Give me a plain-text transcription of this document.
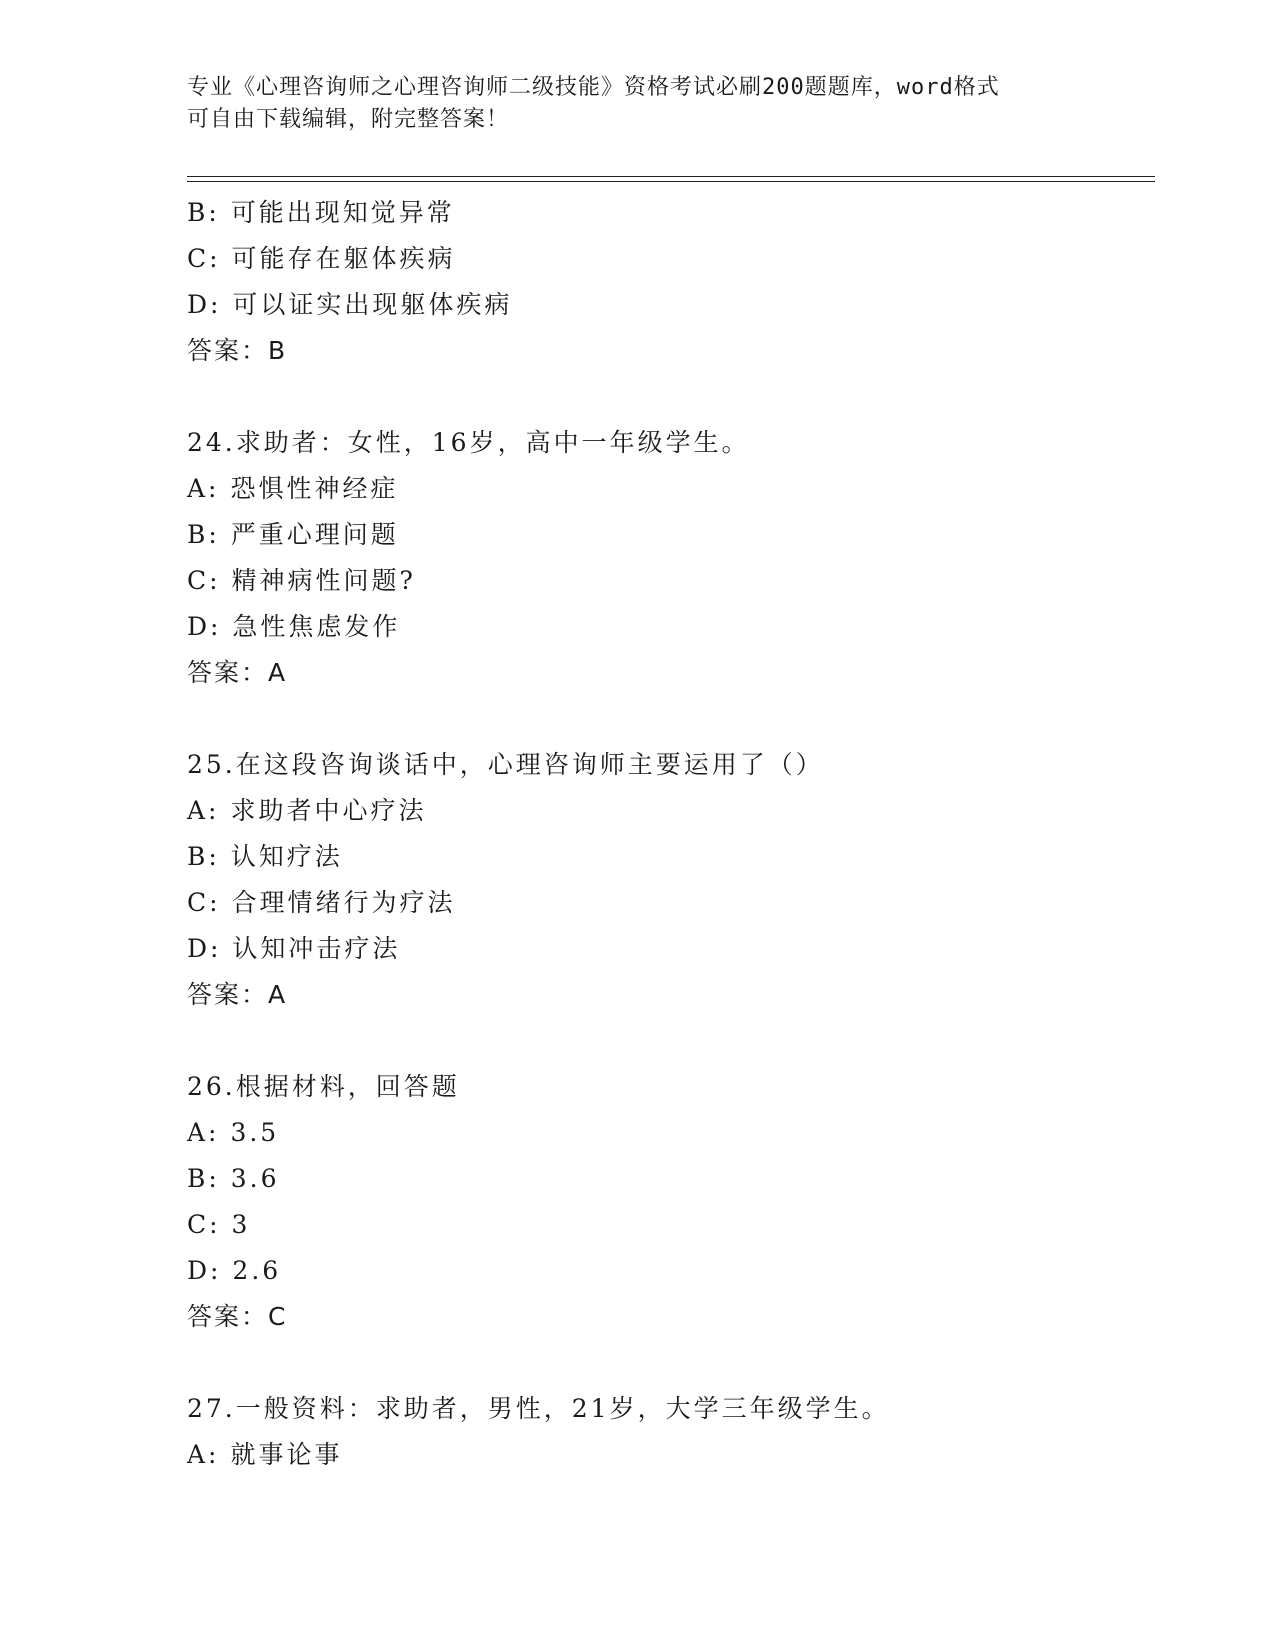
专业《心理咨询师之心理咨询师二级技能》资格考试必刷200题题库，word格式
可自由下载编辑，附完整答案！
B: 可能出现知觉异常
C: 可能存在躯体疾病
D: 可以证实出现躯体疾病
答案：B
24.求助者：女性，16岁，高中一年级学生。
A: 恐惧性神经症
B: 严重心理问题
C: 精神病性问题?
D: 急性焦虑发作
答案：A
25.在这段咨询谈话中，心理咨询师主要运用了（）
A: 求助者中心疗法
B: 认知疗法
C: 合理情绪行为疗法
D: 认知冲击疗法
答案：A
26.根据材料，回答题
A: 3.5
B: 3.6
C: 3
D: 2.6
答案：C
27.一般资料：求助者，男性，21岁，大学三年级学生。
A: 就事论事
